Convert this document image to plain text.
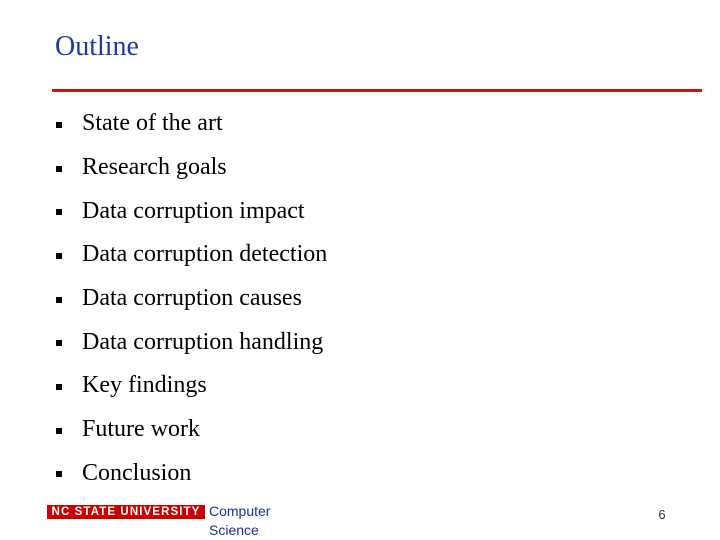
Outline
State of the art
Research goals
Data corruption impact
Data corruption detection
Data corruption causes
Data corruption handling
Key findings
Future work
Conclusion
NC STATE UNIVERSITY Computer
Science
6
